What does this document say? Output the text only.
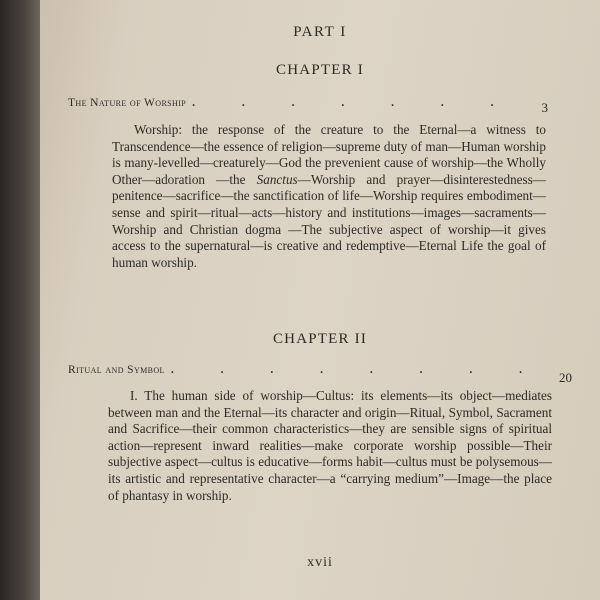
PART I
CHAPTER I
The Nature of Worship . . . . . . .	3

Worship: the response of the creature to the Eternal—a witness to Transcendence—the essence of religion—supreme duty of man—Human worship is many-levelled—creaturely—God the prevenient cause of worship—the Wholly Other—adoration —the Sanctus—Worship and prayer—disinterestedness—penitence—sacrifice—the sanctification of life—Worship requires embodiment—sense and spirit—ritual—acts—history and institutions—images—sacraments—Worship and Christian dogma —The subjective aspect of worship—it gives access to the supernatural—is creative and redemptive—Eternal Life the goal of human worship.

CHAPTER II
Ritual and Symbol . . . . . . . .	20

I. The human side of worship—Cultus: its elements—its object—mediates between man and the Eternal—its character and origin—Ritual, Symbol, Sacrament and Sacrifice—their common characteristics—they are sensible signs of spiritual action—represent inward realities—make corporate worship possible—Their subjective aspect—cultus is educative—forms habit—cultus must be polysemous—its artistic and representative character—a “carrying medium”—Image—the place of phantasy in worship.

xvii
